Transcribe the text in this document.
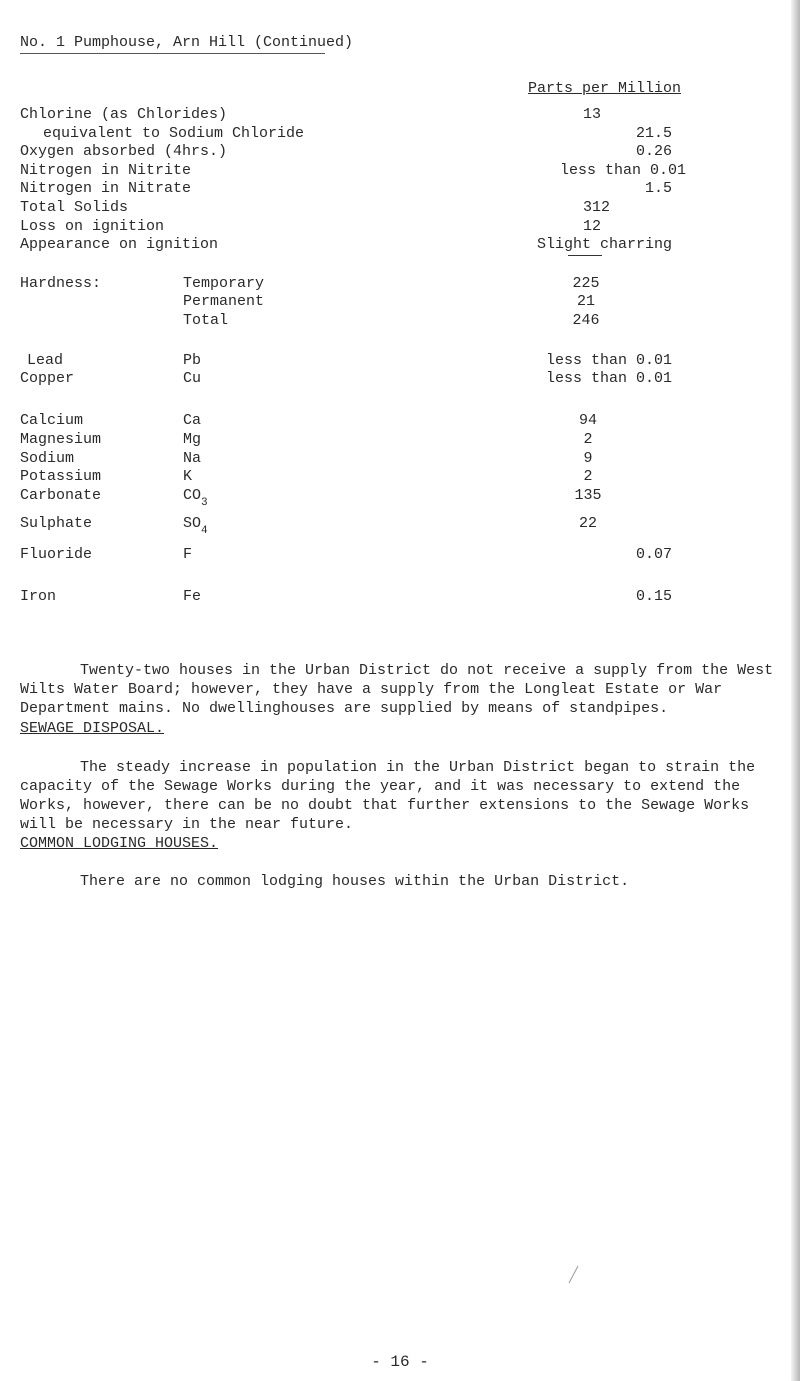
No. 1 Pumphouse, Arn Hill (Continued)
Parts per Million
Chlorine (as Chlorides)	13
equivalent to Sodium Chloride	21.5
Oxygen absorbed (4hrs.)	0.26
Nitrogen in Nitrite	less than 0.01
Nitrogen in Nitrate	1.5
Total Solids	312
Loss on ignition	12
Appearance on ignition	Slight charring
Hardness:	Temporary	225
Permanent	21
Total	246
Lead	Pb	less than 0.01
Copper	Cu	less than 0.01
Calcium	Ca	94
Magnesium	Mg	2
Sodium	Na	9
Potassium	K	2
Carbonate	$CO_3$	135
Sulphate	$SO_4$	22
Fluoride	F	0.07
Iron	Fe	0.15
Twenty-two houses in the Urban District do not receive a supply from the West Wilts Water Board; however, they have a supply from the Longleat Estate or War Department mains. No dwellinghouses are supplied by means of standpipes.
SEWAGE DISPOSAL.
The steady increase in population in the Urban District began to strain the capacity of the Sewage Works during the year, and it was necessary to extend the Works, however, there can be no doubt that further extensions to the Sewage Works will be necessary in the near future.
COMMON LODGING HOUSES.
There are no common lodging houses within the Urban District.
- 16 -
